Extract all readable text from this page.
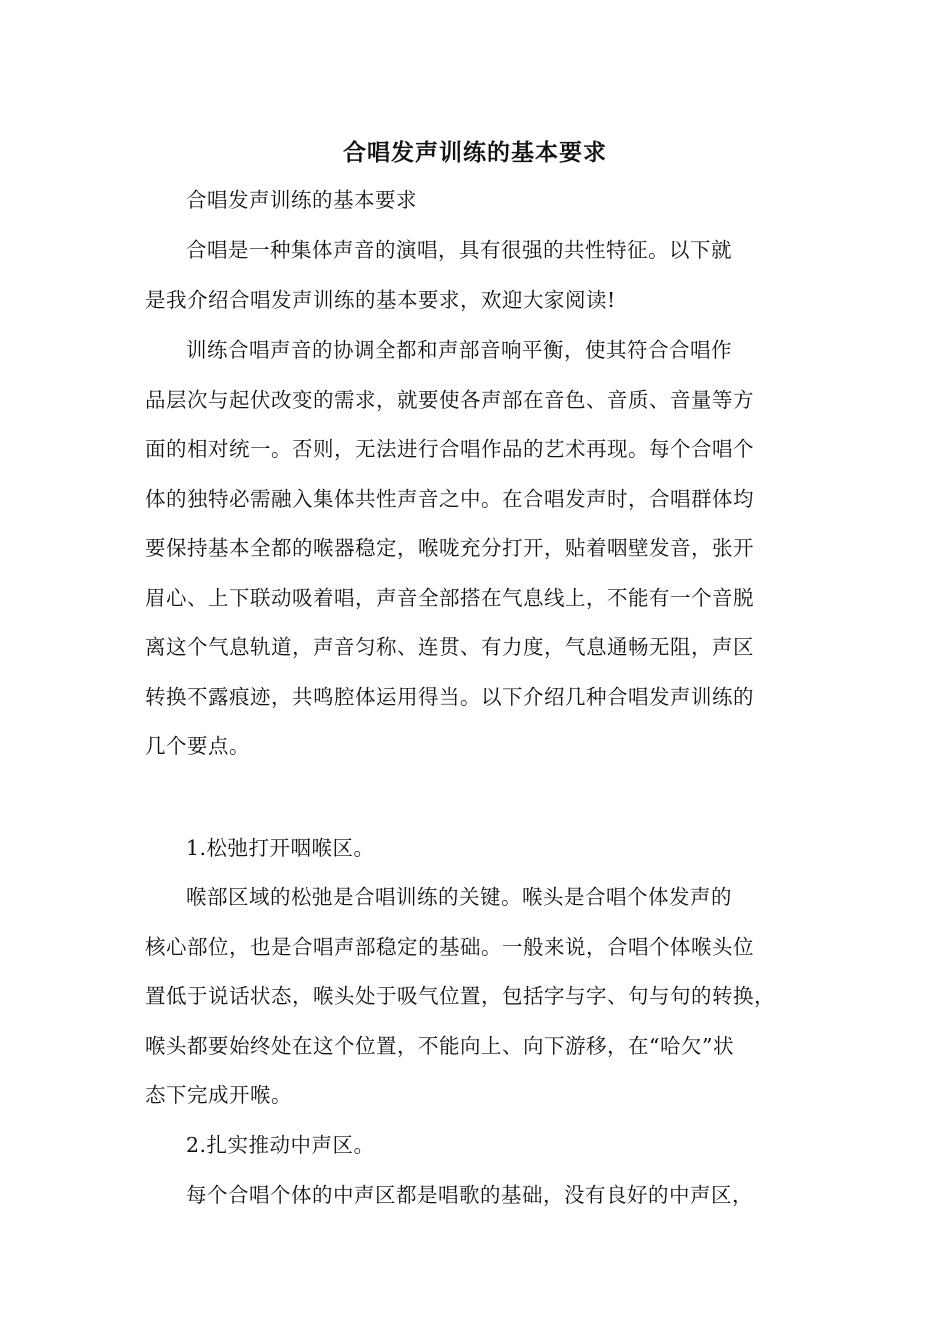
合唱发声训练的基本要求

合唱发声训练的基本要求

合唱是一种集体声音的演唱，具有很强的共性特征。以下就
是我介绍合唱发声训练的基本要求，欢迎大家阅读!

训练合唱声音的协调全都和声部音响平衡，使其符合合唱作
品层次与起伏改变的需求，就要使各声部在音色、音质、音量等方
面的相对统一。否则，无法进行合唱作品的艺术再现。每个合唱个
体的独特必需融入集体共性声音之中。在合唱发声时，合唱群体均
要保持基本全都的喉器稳定，喉咙充分打开，贴着咽壁发音，张开
眉心、上下联动吸着唱，声音全部搭在气息线上，不能有一个音脱
离这个气息轨道，声音匀称、连贯、有力度，气息通畅无阻，声区
转换不露痕迹，共鸣腔体运用得当。以下介绍几种合唱发声训练的
几个要点。

1.松弛打开咽喉区。

喉部区域的松弛是合唱训练的关键。喉头是合唱个体发声的
核心部位，也是合唱声部稳定的基础。一般来说，合唱个体喉头位
置低于说话状态，喉头处于吸气位置，包括字与字、句与句的转换，
喉头都要始终处在这个位置，不能向上、向下游移，在“哈欠”状
态下完成开喉。

2.扎实推动中声区。

每个合唱个体的中声区都是唱歌的基础，没有良好的中声区，
